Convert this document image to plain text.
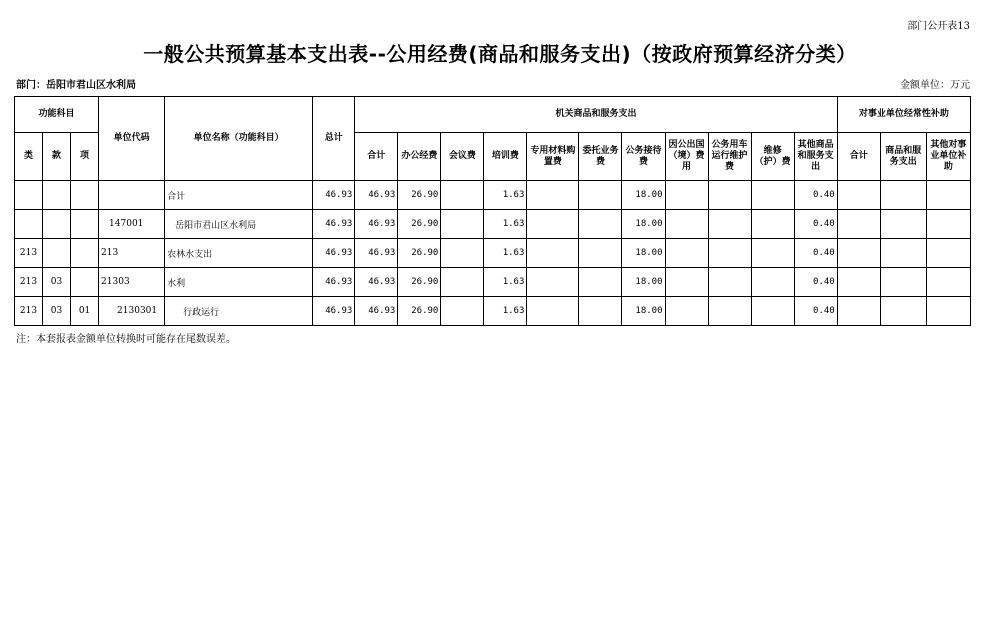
部门公开表13
一般公共预算基本支出表--公用经费(商品和服务支出)（按政府预算经济分类）
部门：岳阳市君山区水利局	金额单位：万元
功能科目			单位代码	单位名称（功能科目）	总计	机关商品和服务支出											对事业单位经常性补助		
类	款	项				合计	办公经费	会议费	培训费	专用材料购置费	委托业务费	公务接待费	因公出国（境）费用	公务用车运行维护费	维修（护）费	其他商品和服务支出	合计	商品和服务支出	其他对事业单位补助
				合计	46.93	46.93	26.90		1.63			18.00				0.40			
			147001	岳阳市君山区水利局	46.93	46.93	26.90		1.63			18.00				0.40			
213			213	农林水支出	46.93	46.93	26.90		1.63			18.00				0.40			
213	03		21303	水利	46.93	46.93	26.90		1.63			18.00				0.40			
213	03	01	2130301	行政运行	46.93	46.93	26.90		1.63			18.00				0.40			
注：本套报表金额单位转换时可能存在尾数误差。
